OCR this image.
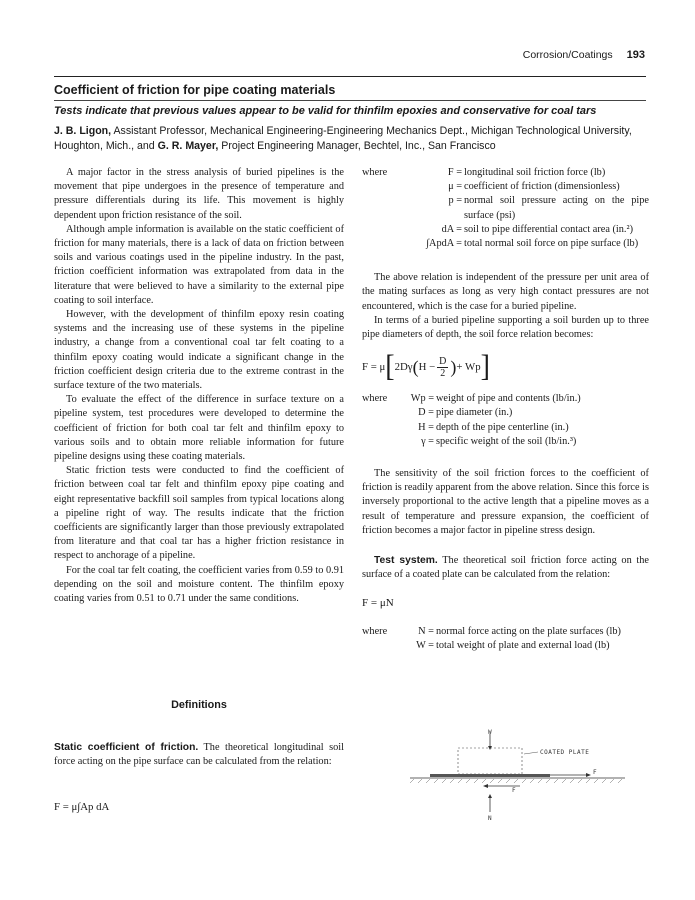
Corrosion/Coatings 193
Coefficient of friction for pipe coating materials
Tests indicate that previous values appear to be valid for thinfilm epoxies and conservative for coal tars
J. B. Ligon, Assistant Professor, Mechanical Engineering-Engineering Mechanics Dept., Michigan Technological University, Houghton, Mich., and G. R. Mayer, Project Engineering Manager, Bechtel, Inc., San Francisco

A major factor in the stress analysis of buried pipelines is the movement that pipe undergoes in the presence of temperature and pressure differentials during its life. This movement is highly dependent upon friction resistance of the soil.

Although ample information is available on the static coefficient of friction for many materials, there is a lack of data on friction between soils and various coatings used in the pipeline industry. In the past, friction coefficient information was extrapolated from data in the literature that were believed to have a similarity to the external pipe coating to soil interface.

However, with the development of thinfilm epoxy resin coating systems and the increasing use of these systems in the pipeline industry, a change from a conventional coal tar felt coating to a thinfilm epoxy coating would indicate a significant change in the friction coefficient design criteria due to the extreme contrast in the surface texture of the two materials.

To evaluate the effect of the difference in surface texture on a pipeline system, test procedures were developed to determine the coefficient of friction for both coal tar felt and thinfilm epoxy to various soils and to obtain more reliable information for future pipeline designs using these coating materials.

Static friction tests were conducted to find the coefficient of friction between coal tar felt and thinfilm epoxy pipe coating and eight representative backfill soil samples from typical locations along a pipeline right of way. The results indicate that the friction coefficients are significantly larger than those previously extrapolated from literature and that coal tar has a higher friction resistance in respect to anchorage of a pipeline.

For the coal tar felt coating, the coefficient varies from 0.59 to 0.91 depending on the soil and moisture content. The thinfilm epoxy coating varies from 0.51 to 0.71 under the same conditions.

Definitions
Static coefficient of friction. The theoretical longitudinal soil force acting on the pipe surface can be calculated from the relation:
F = μ∫Ap dA
where	F = longitudinal soil friction force (lb)
μ = coefficient of friction (dimensionless)
p = normal soil pressure acting on the pipe surface (psi)
dA = soil to pipe differential contact area (in.²)
∫ApdA = total normal soil force on pipe surface (lb)

The above relation is independent of the pressure per unit area of the mating surfaces as long as very high contact pressures are not encountered, which is the case for a buried pipeline.

In terms of a buried pipeline supporting a soil burden up to three pipe diameters of depth, the soil force relation becomes:

F = μ [ 2Dγ ( $H - \frac{D}{2}$ ) + Wp ]
where	Wp = weight of pipe and contents (lb/in.)
D = pipe diameter (in.)
H = depth of the pipe centerline (in.)
γ = specific weight of the soil (lb/in.³)

The sensitivity of the soil friction forces to the coefficient of friction is readily apparent from the above relation. Since this force is inversely proportional to the active length that a pipeline moves as a result of temperature and pressure expansion, the coefficient of friction becomes a major factor in pipeline stress design.

Test system. The theoretical soil friction force acting on the surface of a coated plate can be calculated from the relation:

F = μN
where	N = normal force acting on the plate surfaces (lb)
W = total weight of plate and external load (lb)
W
COATED PLATE
F
F
N
